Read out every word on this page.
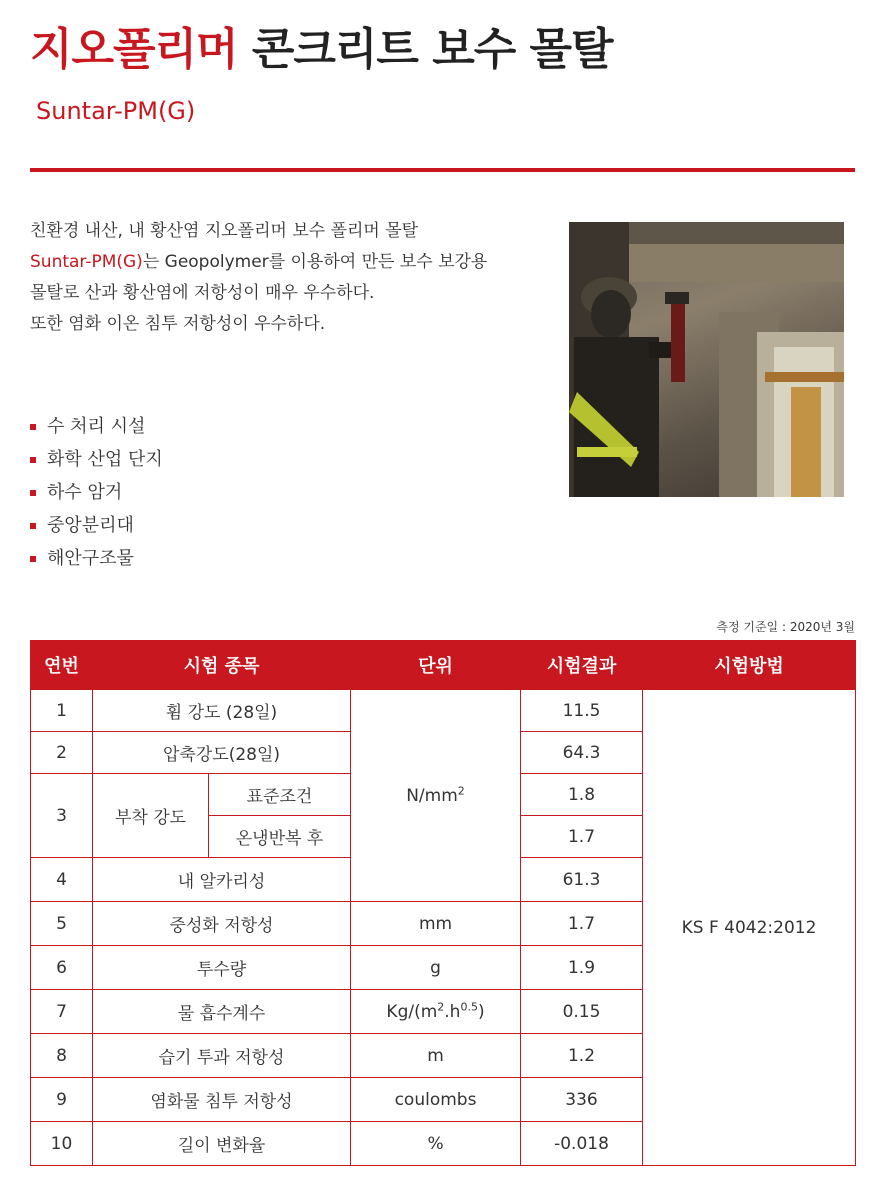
지오폴리머 콘크리트 보수 몰탈
Suntar-PM(G)
친환경 내산, 내 황산염 지오폴리머 보수 폴리머 몰탈
Suntar-PM(G)는 Geopolymer를 이용하여 만든 보수 보강용
몰탈로 산과 황산염에 저항성이 매우 우수하다.
또한 염화 이온 침투 저항성이 우수하다.
수 처리 시설
화학 산업 단지
하수 암거
중앙분리대
해안구조물
측정 기준일 : 2020년 3월
연번	시험 종목		단위	시험결과	시험방법
1	휨 강도 (28일)		$N/mm^2$	11.5	KS F 4042:2012
2	압축강도(28일)			64.3	
3	부착 강도	표준조건		1.8	
		온냉반복 후		1.7	
4	내 알카리성			61.3	
5	중성화 저항성		mm	1.7	
6	투수량		g	1.9	
7	물 흡수계수		$Kg/(m^2.h^{0.5})$	0.15	
8	습기 투과 저항성		m	1.2	
9	염화물 침투 저항성		coulombs	336	
10	길이 변화율		%	-0.018	
